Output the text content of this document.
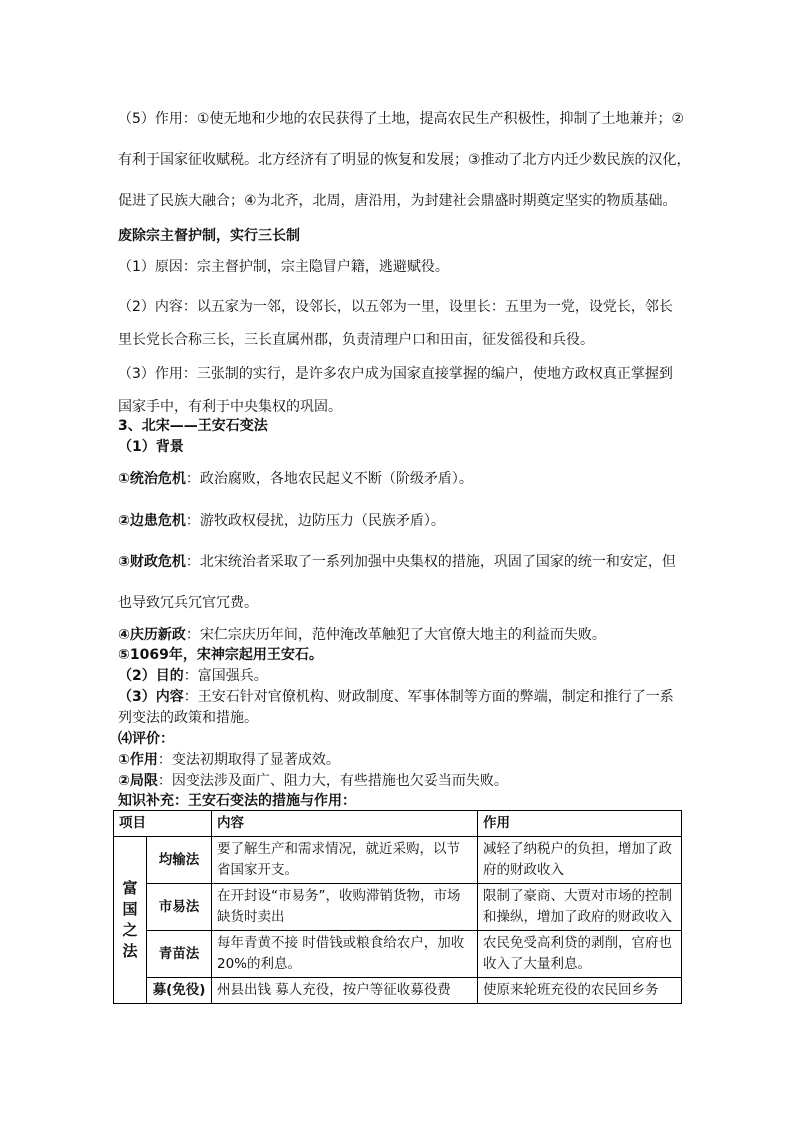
（5）作用：①使无地和少地的农民获得了土地，提高农民生产积极性，抑制了土地兼并；②
有利于国家征收赋税。北方经济有了明显的恢复和发展；③推动了北方内迁少数民族的汉化，
促进了民族大融合；④为北齐，北周，唐沿用，为封建社会鼎盛时期奠定坚实的物质基础。
废除宗主督护制，实行三长制
（1）原因：宗主督护制，宗主隐冒户籍，逃避赋役。
（2）内容：以五家为一邻，设邻长，以五邻为一里，设里长：五里为一党，设党长，邻长
里长党长合称三长，三长直属州郡，负责清理户口和田亩，征发徭役和兵役。
（3）作用：三张制的实行，是许多农户成为国家直接掌握的编户，使地方政权真正掌握到
国家手中，有利于中央集权的巩固。
3、北宋——王安石变法
（1）背景
①统治危机：政治腐败，各地农民起义不断（阶级矛盾）。
②边患危机：游牧政权侵扰，边防压力（民族矛盾）。
③财政危机：北宋统治者采取了一系列加强中央集权的措施，巩固了国家的统一和安定，但
也导致冗兵冗官冗费。
④庆历新政：宋仁宗庆历年间，范仲淹改革触犯了大官僚大地主的利益而失败。
⑤1069年，宋神宗起用王安石。
（2）目的：富国强兵。
（3）内容：王安石针对官僚机构、财政制度、军事体制等方面的弊端，制定和推行了一系
列变法的政策和措施。
⑷评价：
①作用：变法初期取得了显著成效。
②局限：因变法涉及面广、阻力大，有些措施也欠妥当而失败。
知识补充：王安石变法的措施与作用：
项目		内容	作用
富
国
之
法	均输法	要了解生产和需求情况，就近采购，以节省国家开支。	减轻了纳税户的负担，增加了政府的财政收入
	市易法	在开封设“市易务”，收购滞销货物，市场缺货时卖出	限制了豪商、大贾对市场的控制和操纵，增加了政府的财政收入
	青苗法	每年青黄不接 时借钱或粮食给农户，加收 20%的利息。	农民免受高利贷的剥削，官府也收入了大量利息。
	募(免役)	州县出钱 募人充役，按户等征收募役费	使原来轮班充役的农民回乡务
